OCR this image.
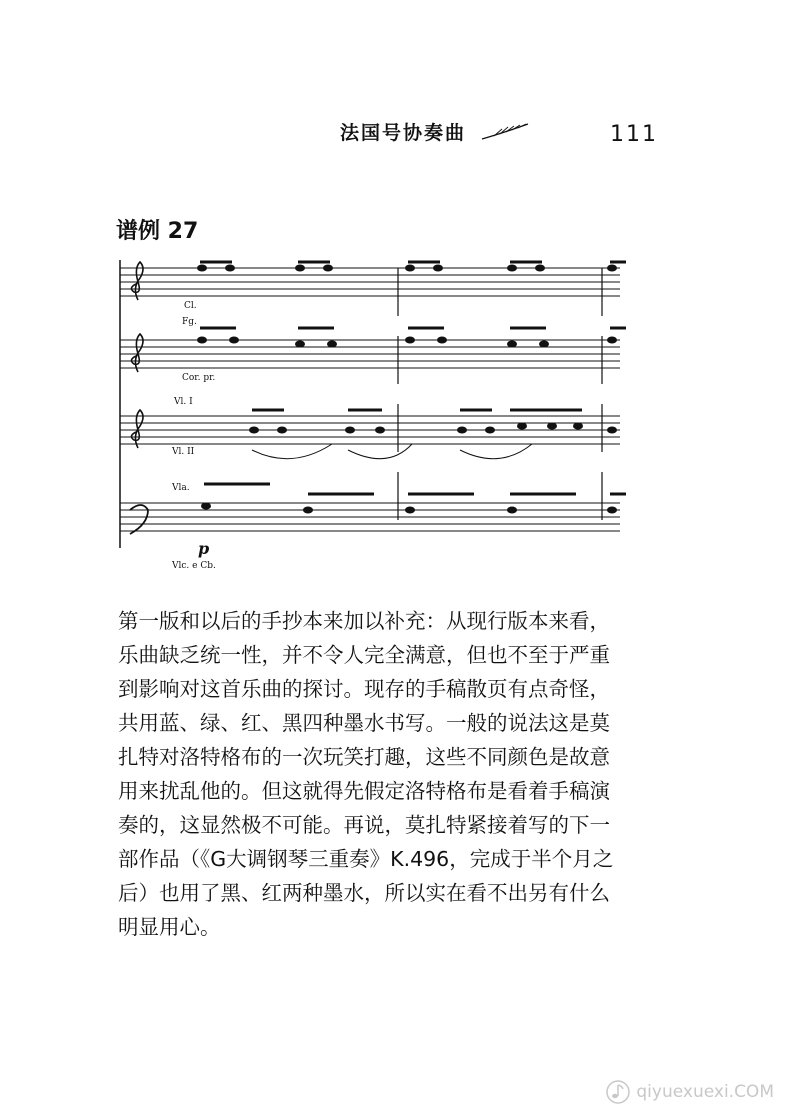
法国号协奏曲	111
谱例 27
Cl.
Fg.
Cor. pr.
Vl. I
Vl. II
Vla.
Vlc. e Cb.
p

第一版和以后的手抄本来加以补充：从现行版本来看，
乐曲缺乏统一性，并不令人完全满意，但也不至于严重
到影响对这首乐曲的探讨。现存的手稿散页有点奇怪，
共用蓝、绿、红、黑四种墨水书写。一般的说法这是莫
扎特对洛特格布的一次玩笑打趣，这些不同颜色是故意
用来扰乱他的。但这就得先假定洛特格布是看着手稿演
奏的，这显然极不可能。再说，莫扎特紧接着写的下一
部作品（《G大调钢琴三重奏》K.496，完成于半个月之
后）也用了黑、红两种墨水，所以实在看不出另有什么
明显用心。

qiyuexuexi.COM
